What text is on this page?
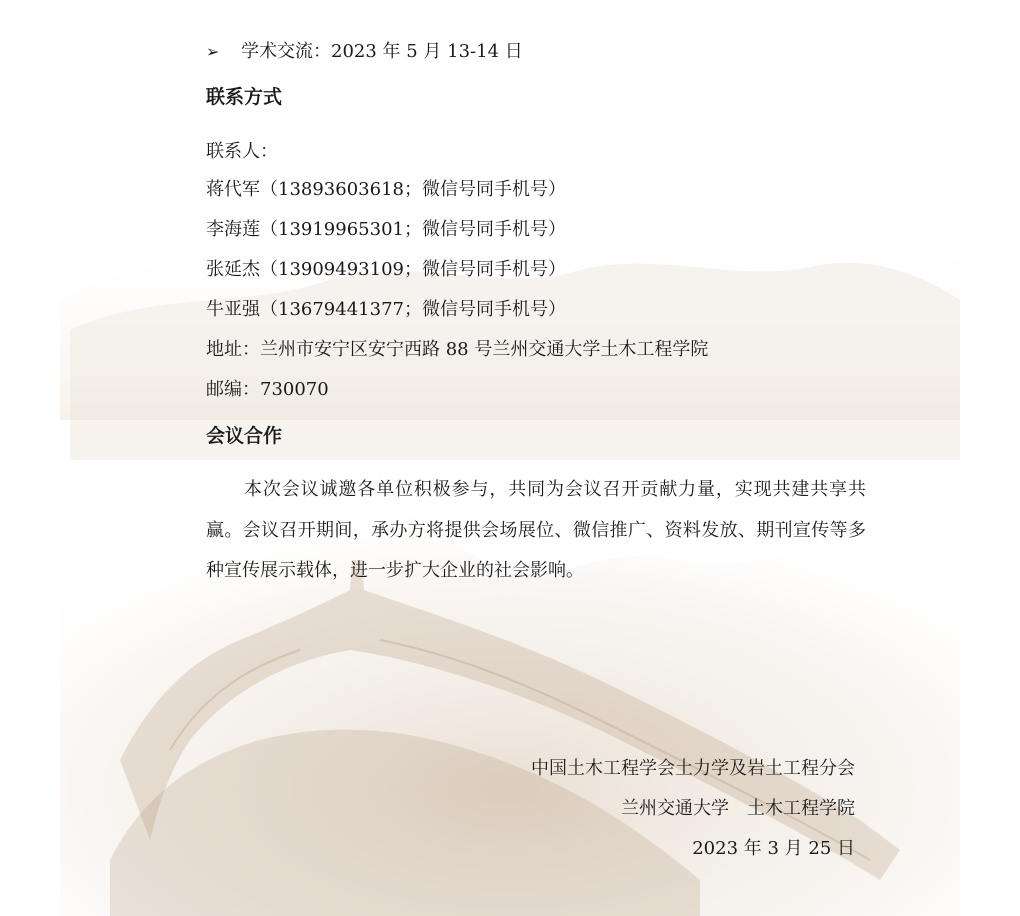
➢ 学术交流：2023 年 5 月 13-14 日
联系方式
联系人：
蒋代军（13893603618；微信号同手机号）
李海莲（13919965301；微信号同手机号）
张延杰（13909493109；微信号同手机号）
牛亚强（13679441377；微信号同手机号）
地址：兰州市安宁区安宁西路 88 号兰州交通大学土木工程学院
邮编：730070
会议合作
本次会议诚邀各单位积极参与，共同为会议召开贡献力量，实现共建共享共赢。会议召开期间，承办方将提供会场展位、微信推广、资料发放、期刊宣传等多种宣传展示载体，进一步扩大企业的社会影响。
中国土木工程学会土力学及岩土工程分会
兰州交通大学　土木工程学院
2023 年 3 月 25 日
